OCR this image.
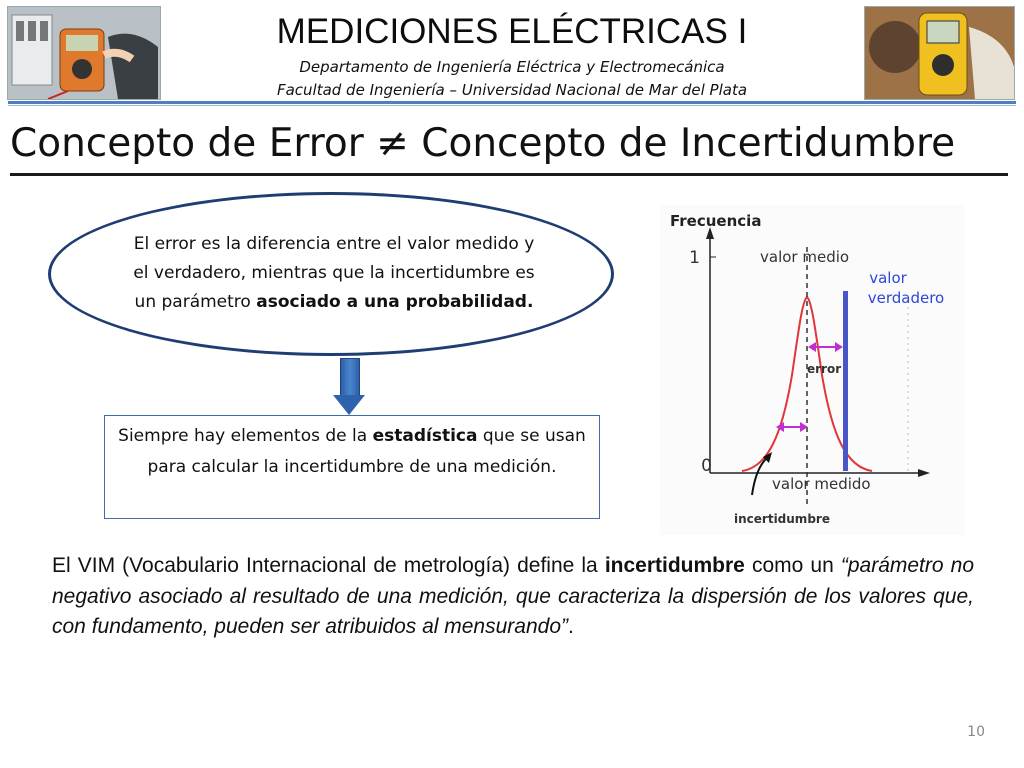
MEDICIONES ELÉCTRICAS I
Departamento de Ingeniería Eléctrica y Electromecánica
Facultad de Ingeniería – Universidad Nacional de Mar del Plata
Concepto de Error ≠ Concepto de Incertidumbre
El error es la diferencia entre el valor medido y
el verdadero, mientras que la incertidumbre es
un parámetro asociado a una probabilidad.
Siempre hay elementos de la estadística que se usan para calcular la incertidumbre de una medición.
Frecuencia
1
0
valor medio
valor
verdadero
error
valor medido
incertidumbre
El VIM (Vocabulario Internacional de metrología) define la incertidumbre como un “parámetro no negativo asociado al resultado de una medición, que caracteriza la dispersión de los valores que, con fundamento, pueden ser atribuidos al mensurando”.
10
